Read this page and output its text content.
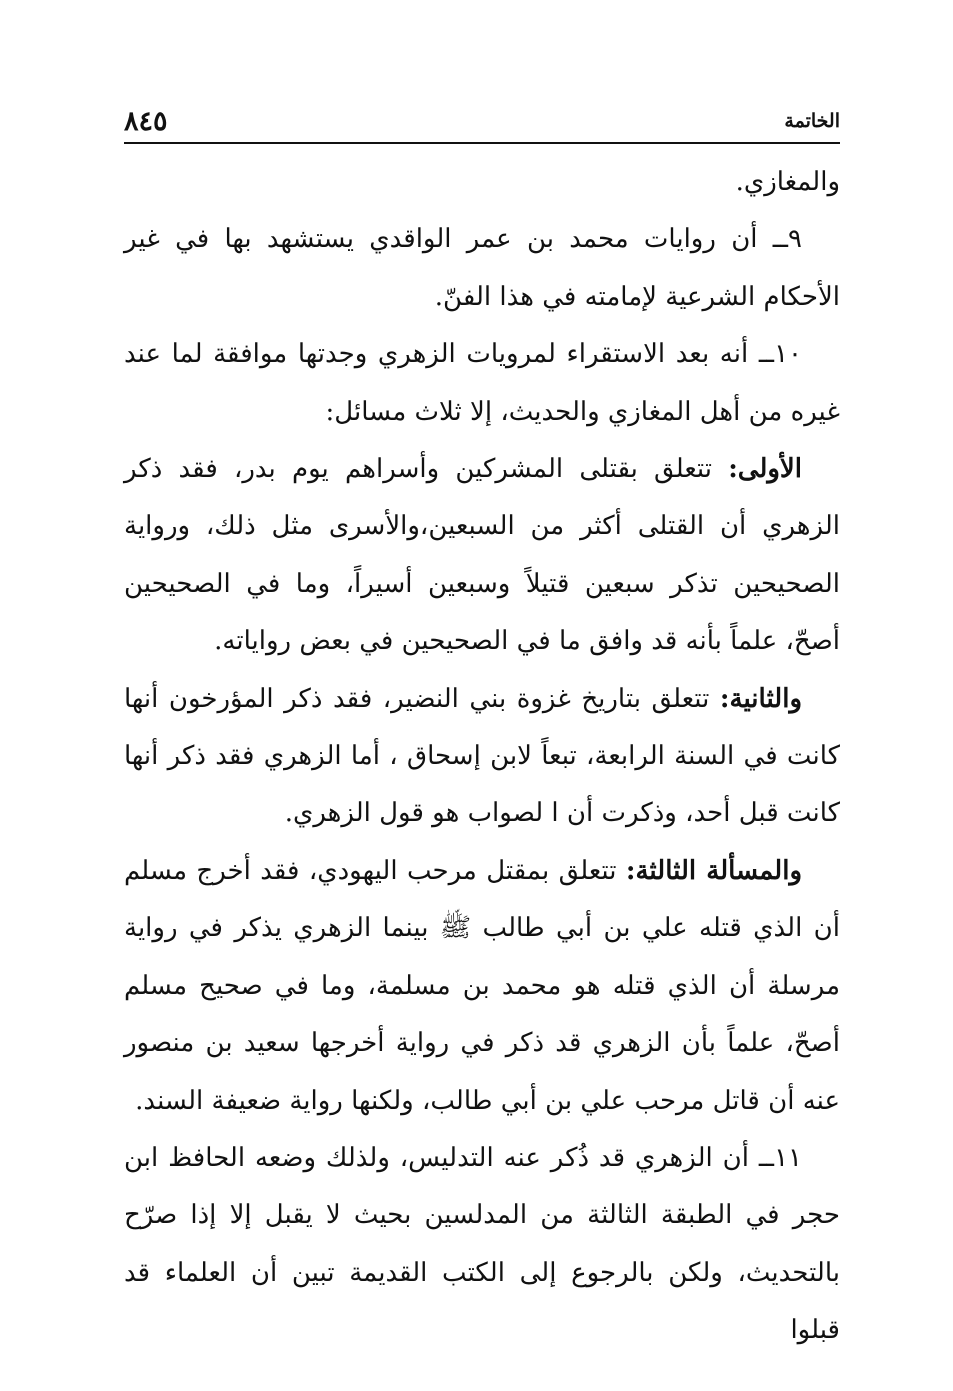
الخاتمة
٨٤٥

والمغازي.

٩ــ أن روايات محمد بن عمر الواقدي يستشهد بها في غير الأحكام الشرعية لإمامته في هذا الفنّ.

١٠ــ أنه بعد الاستقراء لمرويات الزهري وجدتها موافقة لما عند غيره من أهل المغازي والحديث، إلا ثلاث مسائل:

الأولى: تتعلق بقتلى المشركين وأسراهم يوم بدر، فقد ذكر الزهري أن القتلى أكثر من السبعين،والأسرى مثل ذلك، ورواية الصحيحين تذكر سبعين قتيلاً وسبعين أسيراً، وما في الصحيحين أصحّ، علماً بأنه قد وافق ما في الصحيحين في بعض رواياته.

والثانية: تتعلق بتاريخ غزوة بني النضير، فقد ذكر المؤرخون أنها كانت في السنة الرابعة، تبعاً لابن إسحاق ، أما الزهري فقد ذكر أنها كانت قبل أحد، وذكرت أن ا لصواب هو قول الزهري.

والمسألة الثالثة: تتعلق بمقتل مرحب اليهودي، فقد أخرج مسلم أن الذي قتله علي بن أبي طالب ﷺ بينما الزهري يذكر في رواية مرسلة أن الذي قتله هو محمد بن مسلمة، وما في صحيح مسلم أصحّ، علماً بأن الزهري قد ذكر في رواية أخرجها سعيد بن منصور عنه أن قاتل مرحب علي بن أبي طالب، ولكنها رواية ضعيفة السند.

١١ــ أن الزهري قد ذُكر عنه التدليس، ولذلك وضعه الحافظ ابن حجر في الطبقة الثالثة من المدلسين بحيث لا يقبل إلا إذا صرّح بالتحديث، ولكن بالرجوع إلى الكتب القديمة تبين أن العلماء قد قبلوا
